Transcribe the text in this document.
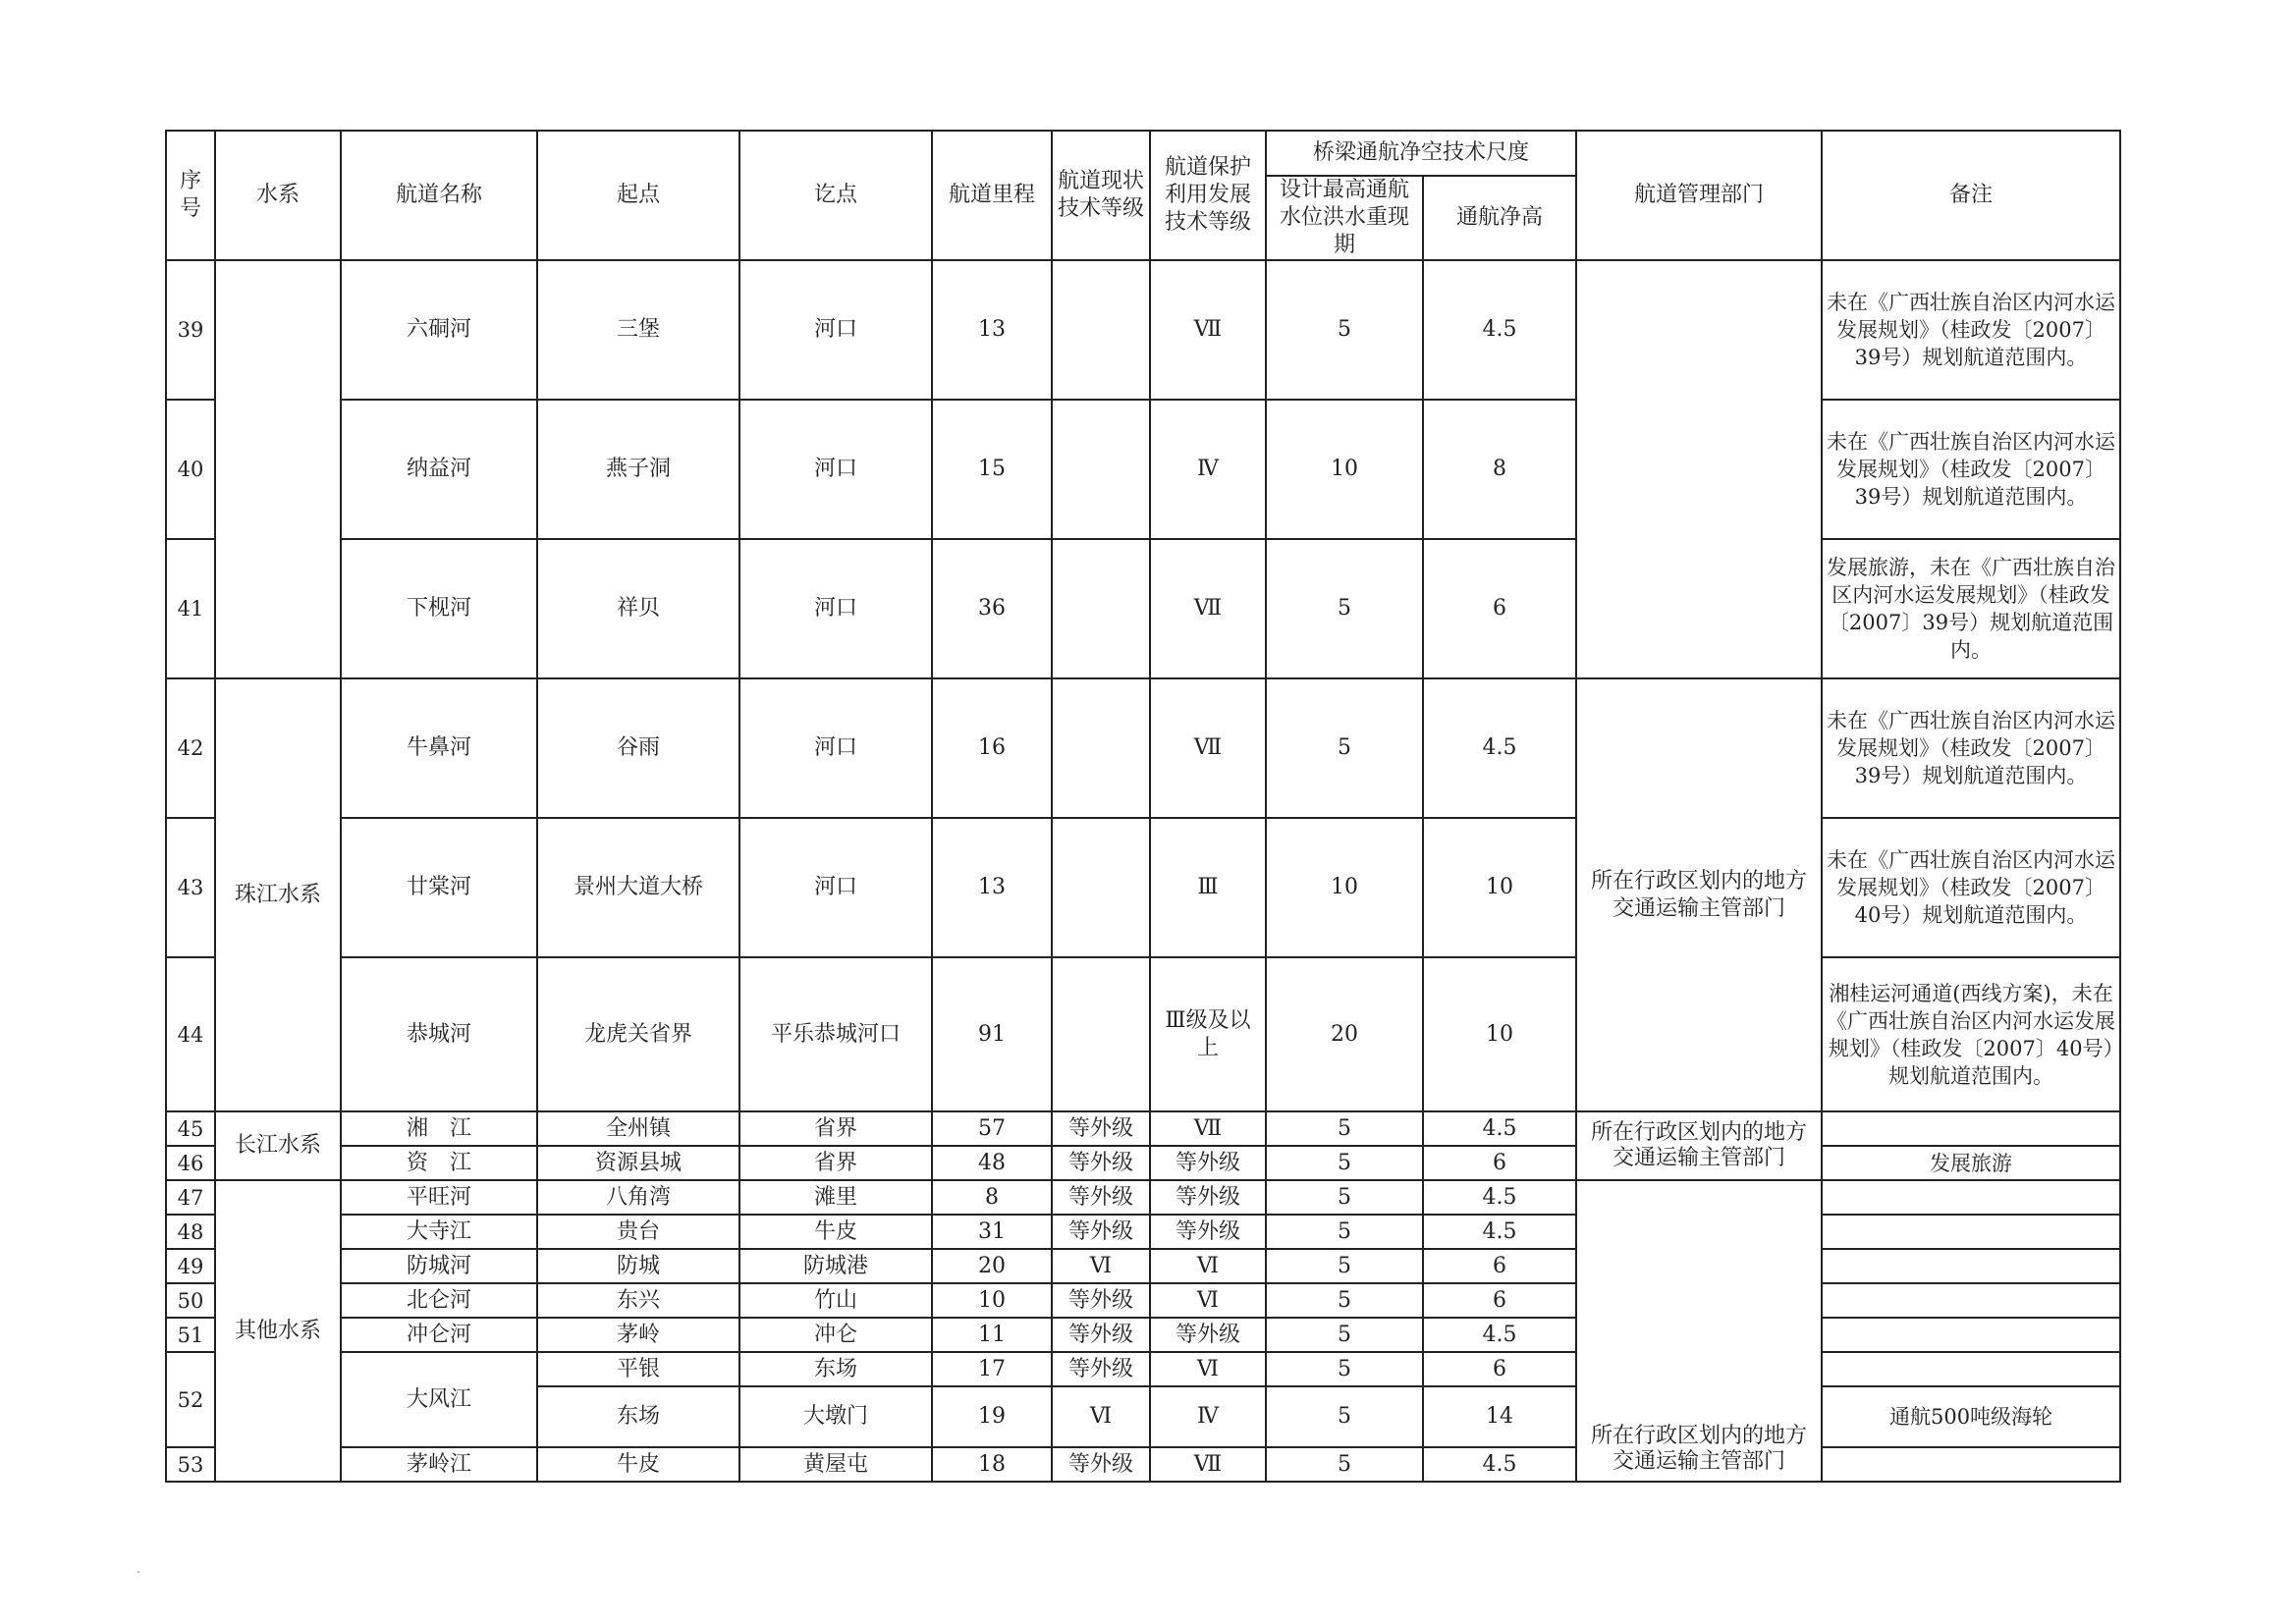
序号	水系	航道名称	起点	讫点	航道里程	航道现状技术等级	航道保护利用发展技术等级	桥梁通航净空技术尺度		航道管理部门	备注
								设计最高通航水位洪水重现期	通航净高		
39		六硐河	三堡	河口	13		Ⅶ	5	4.5		未在《广西壮族自治区内河水运发展规划》（桂政发〔2007〕39号）规划航道范围内。
40		纳益河	燕子洞	河口	15		Ⅳ	10	8		未在《广西壮族自治区内河水运发展规划》（桂政发〔2007〕39号）规划航道范围内。
41		下枧河	祥贝	河口	36		Ⅶ	5	6		发展旅游，未在《广西壮族自治区内河水运发展规划》（桂政发〔2007〕39号）规划航道范围内。
42	珠江水系	牛鼻河	谷雨	河口	16		Ⅶ	5	4.5	所在行政区划内的地方交通运输主管部门	未在《广西壮族自治区内河水运发展规划》（桂政发〔2007〕39号）规划航道范围内。
43		廿棠河	景州大道大桥	河口	13		Ⅲ	10	10		未在《广西壮族自治区内河水运发展规划》（桂政发〔2007〕40号）规划航道范围内。
44		恭城河	龙虎关省界	平乐恭城河口	91		Ⅲ级及以上	20	10		湘桂运河通道(西线方案)，未在《广西壮族自治区内河水运发展规划》（桂政发〔2007〕40号）规划航道范围内。
45	长江水系	湘　江	全州镇	省界	57	等外级	Ⅶ	5	4.5	所在行政区划内的地方交通运输主管部门	
46		资　江	资源县城	省界	48	等外级	等外级	5	6		发展旅游
47	其他水系	平旺河	八角湾	滩里	8	等外级	等外级	5	4.5	所在行政区划内的地方交通运输主管部门	
48		大寺江	贵台	牛皮	31	等外级	等外级	5	4.5		
49		防城河	防城	防城港	20	Ⅵ	Ⅵ	5	6		
50		北仑河	东兴	竹山	10	等外级	Ⅵ	5	6		
51		冲仑河	茅岭	冲仑	11	等外级	等外级	5	4.5		
52		大风江	平银	东场	17	等外级	Ⅵ	5	6		
			东场	大墩门	19	Ⅵ	Ⅳ	5	14		通航500吨级海轮
53		茅岭江	牛皮	黄屋屯	18	等外级	Ⅶ	5	4.5		
